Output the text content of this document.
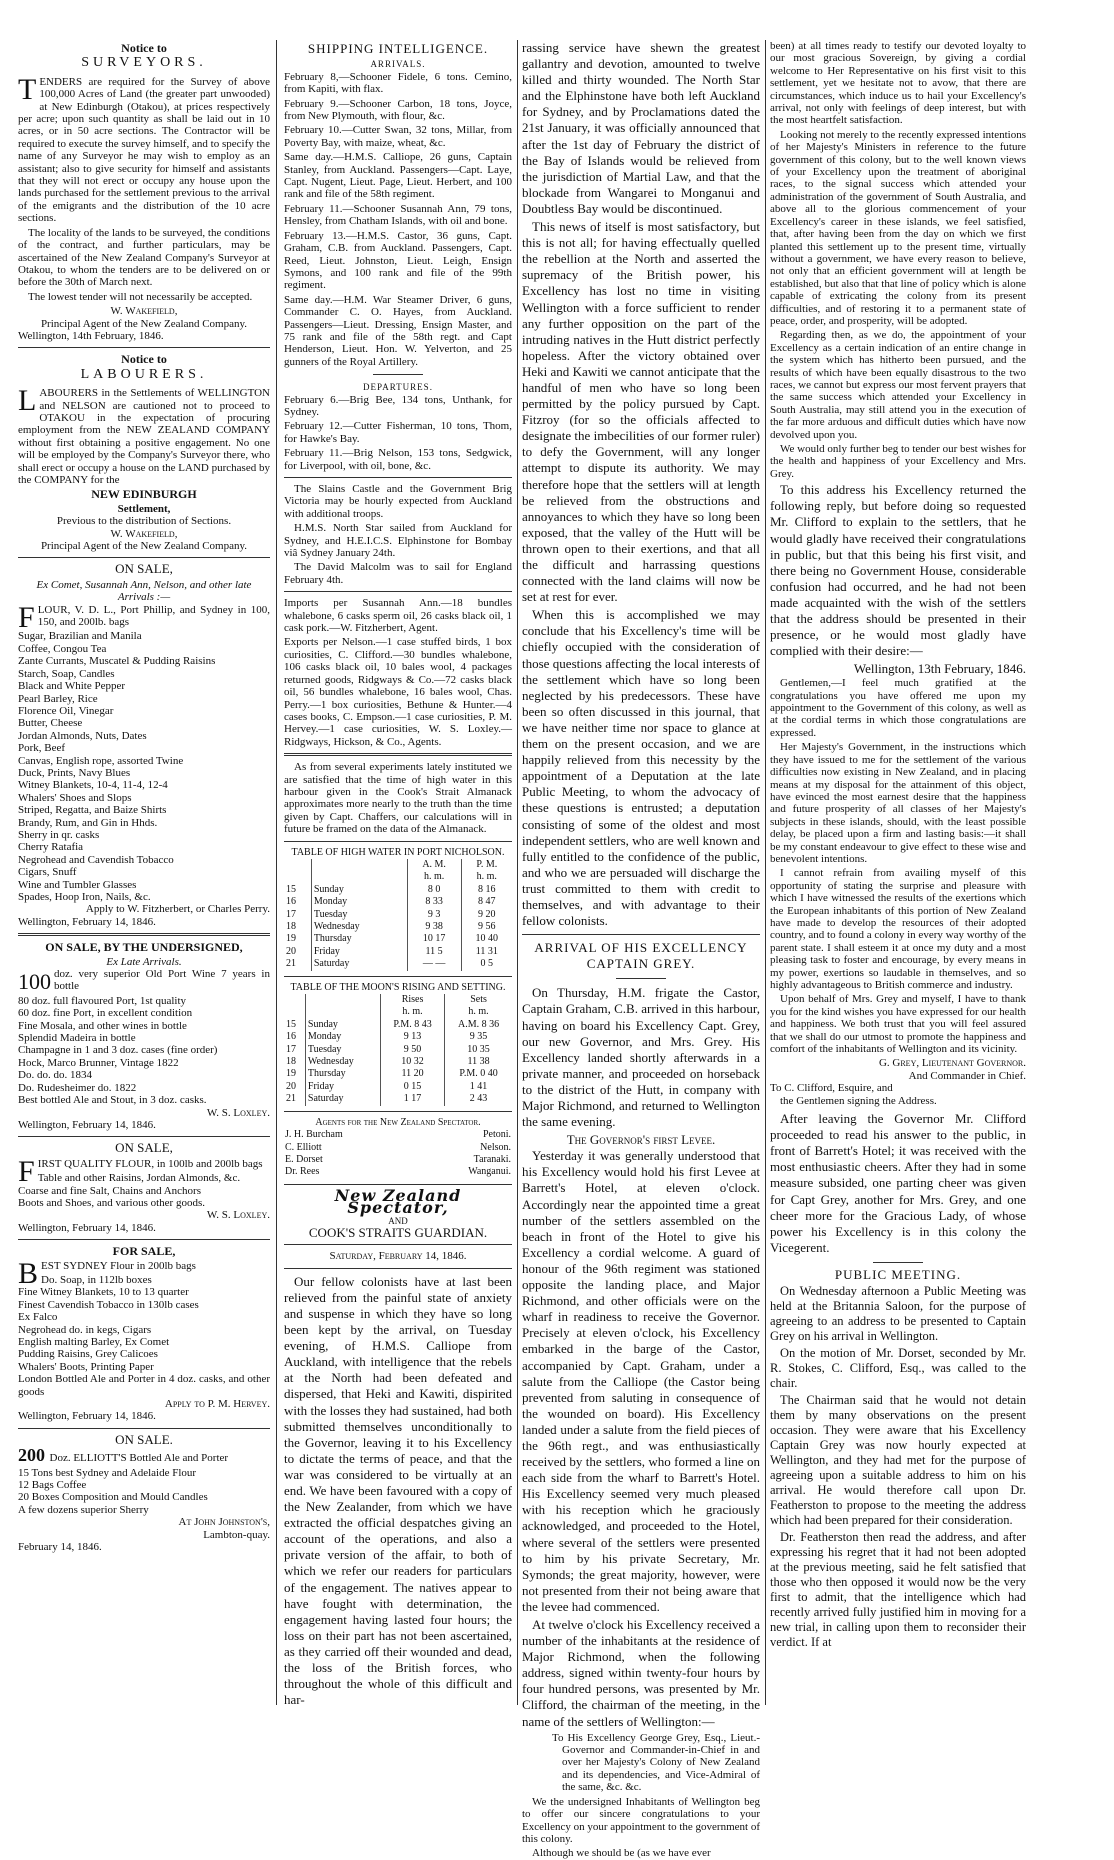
Notice to
SURVEYORS.

TENDERS are required for the Survey of above 100,000 Acres of Land (the greater part unwooded) at New Edinburgh (Otakou), at prices respectively per acre; upon such quantity as shall be laid out in 10 acres, or in 50 acre sections. The Contractor will be required to execute the survey himself, and to specify the name of any Surveyor he may wish to employ as an assistant; also to give security for himself and assistants that they will not erect or occupy any house upon the lands purchased for the settlement previous to the arrival of the emigrants and the distribution of the 10 acre sections.

The locality of the lands to be surveyed, the conditions of the contract, and further particulars, may be ascertained of the New Zealand Company's Surveyor at Otakou, to whom the tenders are to be delivered on or before the 30th of March next.

The lowest tender will not necessarily be accepted.

W. Wakefield,
Principal Agent of the New Zealand Company.
Wellington, 14th February, 1846.
Notice to
LABOURERS.

LABOURERS in the Settlements of WELLINGTON and NELSON are cautioned not to proceed to OTAKOU in the expectation of procuring employment from the NEW ZEALAND COMPANY without first obtaining a positive engagement. No one will be employed by the Company's Surveyor there, who shall erect or occupy a house on the LAND purchased by the COMPANY for the

NEW EDINBURGH
Settlement,
Previous to the distribution of Sections.
W. Wakefield,
Principal Agent of the New Zealand Company.
ON SALE,
Ex Comet, Susannah Ann, Nelson, and other late Arrivals :—

FLOUR, V. D. L., Port Phillip, and Sydney in 100, 150, and 200lb. bags

Sugar, Brazilian and Manila
Coffee, Congou Tea
Zante Currants, Muscatel & Pudding Raisins
Starch, Soap, Candles
Black and White Pepper
Pearl Barley, Rice
Florence Oil, Vinegar
Butter, Cheese
Jordan Almonds, Nuts, Dates
Pork, Beef
Canvas, English rope, assorted Twine
Duck, Prints, Navy Blues
Witney Blankets, 10-4, 11-4, 12-4
Whalers' Shoes and Slops
Striped, Regatta, and Baize Shirts
Brandy, Rum, and Gin in Hhds.
Sherry in qr. casks
Cherry Ratafia
Negrohead and Cavendish Tobacco
Cigars, Snuff
Wine and Tumbler Glasses
Spades, Hoop Iron, Nails, &c.
Apply to W. Fitzherbert, or Charles Perry.
Wellington, February 14, 1846.
ON SALE, BY THE UNDERSIGNED,
Ex Late Arrivals.

100 doz. very superior Old Port Wine 7 years in bottle

80 doz. full flavoured Port, 1st quality
60 doz. fine Port, in excellent condition
Fine Mosala, and other wines in bottle
Splendid Madeira in bottle
Champagne in 1 and 3 doz. cases (fine order)
Hock, Marco Brunner, Vintage 1822
Do. do. do. 1834
Do. Rudesheimer do. 1822
Best bottled Ale and Stout, in 3 doz. casks.
W. S. Loxley.
Wellington, February 14, 1846.
ON SALE,

FIRST QUALITY FLOUR, in 100lb and 200lb bags

Table and other Raisins, Jordan Almonds, &c.
Coarse and fine Salt, Chains and Anchors
Boots and Shoes, and various other goods.
W. S. Loxley.
Wellington, February 14, 1846.
FOR SALE,

BEST SYDNEY Flour in 200lb bags

Do. Soap, in 112lb boxes
Fine Witney Blankets, 10 to 13 quarter
Finest Cavendish Tobacco in 130lb cases
Ex Falco
Negrohead do. in kegs, Cigars
English malting Barley, Ex Comet
Pudding Raisins, Grey Calicoes
Whalers' Boots, Printing Paper
London Bottled Ale and Porter in 4 doz. casks, and other goods
Apply to P. M. Hervey.
Wellington, February 14, 1846.
ON SALE.

200 Doz. ELLIOTT'S Bottled Ale and Porter

15 Tons best Sydney and Adelaide Flour
12 Bags Coffee
20 Boxes Composition and Mould Candles
A few dozens superior Sherry
At John Johnston's,
Lambton-quay.
February 14, 1846.
SHIPPING INTELLIGENCE.
ARRIVALS.

February 8,—Schooner Fidele, 6 tons. Cemino, from Kapiti, with flax.

February 9.—Schooner Carbon, 18 tons, Joyce, from New Plymouth, with flour, &c.

February 10.—Cutter Swan, 32 tons, Millar, from Poverty Bay, with maize, wheat, &c.

Same day.—H.M.S. Calliope, 26 guns, Captain Stanley, from Auckland. Passengers—Capt. Laye, Capt. Nugent, Lieut. Page, Lieut. Herbert, and 100 rank and file of the 58th regiment.

February 11.—Schooner Susannah Ann, 79 tons, Hensley, from Chatham Islands, with oil and bone.

February 13.—H.M.S. Castor, 36 guns, Capt. Graham, C.B. from Auckland. Passengers, Capt. Reed, Lieut. Johnston, Lieut. Leigh, Ensign Symons, and 100 rank and file of the 99th regiment.

Same day.—H.M. War Steamer Driver, 6 guns, Commander C. O. Hayes, from Auckland. Passengers—Lieut. Dressing, Ensign Master, and 75 rank and file of the 58th regt. and Capt Henderson, Lieut. Hon. W. Yelverton, and 25 gunners of the Royal Artillery.

DEPARTURES.

February 6.—Brig Bee, 134 tons, Unthank, for Sydney.

February 12.—Cutter Fisherman, 10 tons, Thom, for Hawke's Bay.

February 11.—Brig Nelson, 153 tons, Sedgwick, for Liverpool, with oil, bone, &c.

The Slains Castle and the Government Brig Victoria may be hourly expected from Auckland with additional troops.

H.M.S. North Star sailed from Auckland for Sydney, and H.E.I.C.S. Elphinstone for Bombay viâ Sydney January 24th.

The David Malcolm was to sail for England February 4th.

Imports per Susannah Ann.—18 bundles whalebone, 6 casks sperm oil, 26 casks black oil, 1 cask pork.—W. Fitzherbert, Agent.

Exports per Nelson.—1 case stuffed birds, 1 box curiosities, C. Clifford.—30 bundles whalebone, 106 casks black oil, 10 bales wool, 4 packages returned goods, Ridgways & Co.—72 casks black oil, 56 bundles whalebone, 16 bales wool, Chas. Perry.—1 box curiosities, Bethune & Hunter.—4 cases books, C. Empson.—1 case curiosities, P. M. Hervey.—1 case curiosities, W. S. Loxley.—Ridgways, Hickson, & Co., Agents.

As from several experiments lately instituted we are satisfied that the time of high water in this harbour given in the Cook's Strait Almanack approximates more nearly to the truth than the time given by Capt. Chaffers, our calculations will in future be framed on the data of the Almanack.

TABLE OF HIGH WATER IN PORT NICHOLSON.
		A. M.	P. M.
		h. m.	h. m.
15	Sunday	8 0	8 16
16	Monday	8 33	8 47
17	Tuesday	9 3	9 20
18	Wednesday	9 38	9 56
19	Thursday	10 17	10 40
20	Friday	11 5	11 31
21	Saturday	— —	0 5
TABLE OF THE MOON'S RISING AND SETTING.
		Rises	Sets
		h. m.	h. m.
15	Sunday	P.M. 8 43	A.M. 8 36
16	Monday	9 13	9 35
17	Tuesday	9 50	10 35
18	Wednesday	10 32	11 38
19	Thursday	11 20	P.M. 0 40
20	Friday	0 15	1 41
21	Saturday	1 17	2 43
Agents for the New Zealand Spectator.
J. H. Burcham	Petoni.
C. Elliott	Nelson.
E. Dorset	Taranaki.
Dr. Rees	Wanganui.
New Zealand Spectator,
AND
COOK'S STRAITS GUARDIAN.
Saturday, February 14, 1846.

Our fellow colonists have at last been relieved from the painful state of anxiety and suspense in which they have so long been kept by the arrival, on Tuesday evening, of H.M.S. Calliope from Auckland, with intelligence that the rebels at the North had been defeated and dispersed, that Heki and Kawiti, dispirited with the losses they had sustained, had both submitted themselves unconditionally to the Governor, leaving it to his Excellency to dictate the terms of peace, and that the war was considered to be virtually at an end. We have been favoured with a copy of the New Zealander, from which we have extracted the official despatches giving an account of the operations, and also a private version of the affair, to both of which we refer our readers for particulars of the engagement. The natives appear to have fought with determination, the engagement having lasted four hours; the loss on their part has not been ascertained, as they carried off their wounded and dead, the loss of the British forces, who throughout the whole of this difficult and har-

rassing service have shewn the greatest gallantry and devotion, amounted to twelve killed and thirty wounded. The North Star and the Elphinstone have both left Auckland for Sydney, and by Proclamations dated the 21st January, it was officially announced that after the 1st day of February the district of the Bay of Islands would be relieved from the jurisdiction of Martial Law, and that the blockade from Wangarei to Monganui and Doubtless Bay would be discontinued.

This news of itself is most satisfactory, but this is not all; for having effectually quelled the rebellion at the North and asserted the supremacy of the British power, his Excellency has lost no time in visiting Wellington with a force sufficient to render any further opposition on the part of the intruding natives in the Hutt district perfectly hopeless. After the victory obtained over Heki and Kawiti we cannot anticipate that the handful of men who have so long been permitted by the policy pursued by Capt. Fitzroy (for so the officials affected to designate the imbecilities of our former ruler) to defy the Government, will any longer attempt to dispute its authority. We may therefore hope that the settlers will at length be relieved from the obstructions and annoyances to which they have so long been exposed, that the valley of the Hutt will be thrown open to their exertions, and that all the difficult and harrassing questions connected with the land claims will now be set at rest for ever.

When this is accomplished we may conclude that his Excellency's time will be chiefly occupied with the consideration of those questions affecting the local interests of the settlement which have so long been neglected by his predecessors. These have been so often discussed in this journal, that we have neither time nor space to glance at them on the present occasion, and we are happily relieved from this necessity by the appointment of a Deputation at the late Public Meeting, to whom the advocacy of these questions is entrusted; a deputation consisting of some of the oldest and most independent settlers, who are well known and fully entitled to the confidence of the public, and who we are persuaded will discharge the trust committed to them with credit to themselves, and with advantage to their fellow colonists.

ARRIVAL OF HIS EXCELLENCY CAPTAIN GREY.

On Thursday, H.M. frigate the Castor, Captain Graham, C.B. arrived in this harbour, having on board his Excellency Capt. Grey, our new Governor, and Mrs. Grey. His Excellency landed shortly afterwards in a private manner, and proceeded on horseback to the district of the Hutt, in company with Major Richmond, and returned to Wellington the same evening.

The Governor's first Levee.

Yesterday it was generally understood that his Excellency would hold his first Levee at Barrett's Hotel, at eleven o'clock. Accordingly near the appointed time a great number of the settlers assembled on the beach in front of the Hotel to give his Excellency a cordial welcome. A guard of honour of the 96th regiment was stationed opposite the landing place, and Major Richmond, and other officials were on the wharf in readiness to receive the Governor. Precisely at eleven o'clock, his Excellency embarked in the barge of the Castor, accompanied by Capt. Graham, under a salute from the Calliope (the Castor being prevented from saluting in consequence of the wounded on board). His Excellency landed under a salute from the field pieces of the 96th regt., and was enthusiastically received by the settlers, who formed a line on each side from the wharf to Barrett's Hotel. His Excellency seemed very much pleased with his reception which he graciously acknowledged, and proceeded to the Hotel, where several of the settlers were presented to him by his private Secretary, Mr. Symonds; the great majority, however, were not presented from their not being aware that the levee had commenced.

At twelve o'clock his Excellency received a number of the inhabitants at the residence of Major Richmond, when the following address, signed within twenty-four hours by four hundred persons, was presented by Mr. Clifford, the chairman of the meeting, in the name of the settlers of Wellington:—

To His Excellency George Grey, Esq., Lieut.-Governor and Commander-in-Chief in and over her Majesty's Colony of New Zealand and its dependencies, and Vice-Admiral of the same, &c. &c.

We the undersigned Inhabitants of Wellington beg to offer our sincere congratulations to your Excellency on your appointment to the government of this colony.

Although we should be (as we have ever

been) at all times ready to testify our devoted loyalty to our most gracious Sovereign, by giving a cordial welcome to Her Representative on his first visit to this settlement, yet we hesitate not to avow, that there are circumstances, which induce us to hail your Excellency's arrival, not only with feelings of deep interest, but with the most heartfelt satisfaction.

Looking not merely to the recently expressed intentions of her Majesty's Ministers in reference to the future government of this colony, but to the well known views of your Excellency upon the treatment of aboriginal races, to the signal success which attended your administration of the government of South Australia, and above all to the glorious commencement of your Excellency's career in these islands, we feel satisfied, that, after having been from the day on which we first planted this settlement up to the present time, virtually without a government, we have every reason to believe, not only that an efficient government will at length be established, but also that that line of policy which is alone capable of extricating the colony from its present difficulties, and of restoring it to a permanent state of peace, order, and prosperity, will be adopted.

Regarding then, as we do, the appointment of your Excellency as a certain indication of an entire change in the system which has hitherto been pursued, and the results of which have been equally disastrous to the two races, we cannot but express our most fervent prayers that the same success which attended your Excellency in South Australia, may still attend you in the execution of the far more arduous and difficult duties which have now devolved upon you.

We would only further beg to tender our best wishes for the health and happiness of your Excellency and Mrs. Grey.

To this address his Excellency returned the following reply, but before doing so requested Mr. Clifford to explain to the settlers, that he would gladly have received their congratulations in public, but that this being his first visit, and there being no Government House, considerable confusion had occurred, and he had not been made acquainted with the wish of the settlers that the address should be presented in their presence, or he would most gladly have complied with their desire:—

Wellington, 13th February, 1846.

Gentlemen,—I feel much gratified at the congratulations you have offered me upon my appointment to the Government of this colony, as well as at the cordial terms in which those congratulations are expressed.

Her Majesty's Government, in the instructions which they have issued to me for the settlement of the various difficulties now existing in New Zealand, and in placing means at my disposal for the attainment of this object, have evinced the most earnest desire that the happiness and future prosperity of all classes of her Majesty's subjects in these islands, should, with the least possible delay, be placed upon a firm and lasting basis:—it shall be my constant endeavour to give effect to these wise and benevolent intentions.

I cannot refrain from availing myself of this opportunity of stating the surprise and pleasure with which I have witnessed the results of the exertions which the European inhabitants of this portion of New Zealand have made to develop the resources of their adopted country, and to found a colony in every way worthy of the parent state. I shall esteem it at once my duty and a most pleasing task to foster and encourage, by every means in my power, exertions so laudable in themselves, and so highly advantageous to British commerce and industry.

Upon behalf of Mrs. Grey and myself, I have to thank you for the kind wishes you have expressed for our health and happiness. We both trust that you will feel assured that we shall do our utmost to promote the happiness and comfort of the inhabitants of Wellington and its vicinity.

G. Grey, Lieutenant Governor.
And Commander in Chief.
To C. Clifford, Esquire, and
the Gentlemen signing the Address.

After leaving the Governor Mr. Clifford proceeded to read his answer to the public, in front of Barrett's Hotel; it was received with the most enthusiastic cheers. After they had in some measure subsided, one parting cheer was given for Capt Grey, another for Mrs. Grey, and one cheer more for the Gracious Lady, of whose power his Excellency is in this colony the Vicegerent.

PUBLIC MEETING.

On Wednesday afternoon a Public Meeting was held at the Britannia Saloon, for the purpose of agreeing to an address to be presented to Captain Grey on his arrival in Wellington.

On the motion of Mr. Dorset, seconded by Mr. R. Stokes, C. Clifford, Esq., was called to the chair.

The Chairman said that he would not detain them by many observations on the present occasion. They were aware that his Excellency Captain Grey was now hourly expected at Wellington, and they had met for the purpose of agreeing upon a suitable address to him on his arrival. He would therefore call upon Dr. Featherston to propose to the meeting the address which had been prepared for their consideration.

Dr. Featherston then read the address, and after expressing his regret that it had not been adopted at the previous meeting, said he felt satisfied that those who then opposed it would now be the very first to admit, that the intelligence which had recently arrived fully justified him in moving for a new trial, in calling upon them to reconsider their verdict. If at
